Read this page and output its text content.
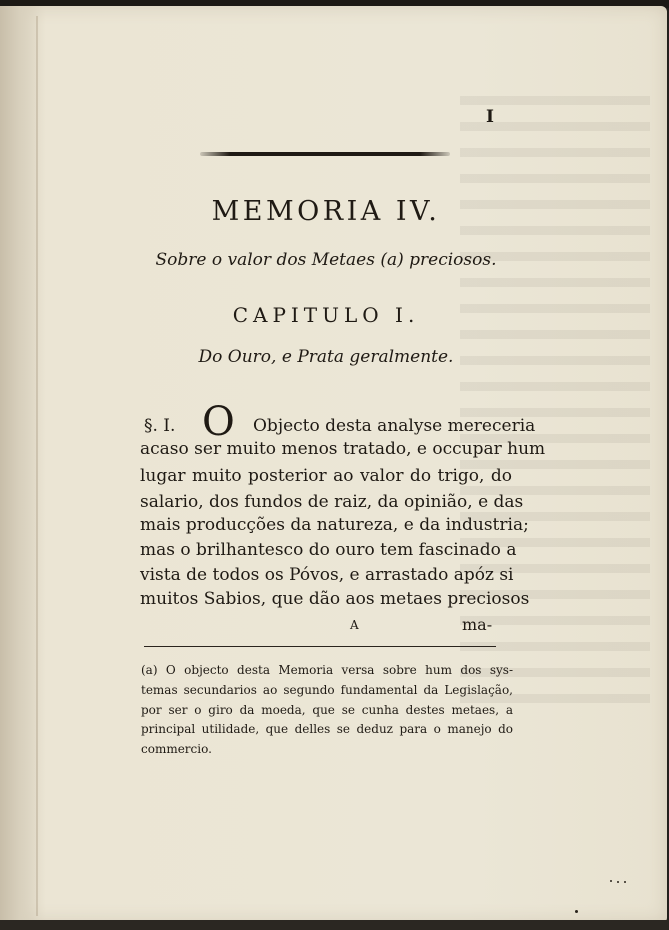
I
MEMORIA IV.
Sobre o valor dos Metaes (a) preciosos.
CAPITULO I.
Do Ouro, e Prata geralmente.
§. I. O Objecto desta analyse mereceria
acaso ser muito menos tratado, e occupar hum
lugar muito posterior ao valor do trigo, do
salario, dos fundos de raiz, da opinião, e das
mais producções da natureza, e da industria;
mas o brilhantesco do ouro tem fascinado a
vista de todos os Póvos, e arrastado apóz si
muitos Sabios, que dão aos metaes preciosos
A	ma-
(a) O objecto desta Memoria versa sobre hum dos sys-
temas secundarios ao segundo fundamental da Legislação,
por ser o giro da moeda, que se cunha destes metaes, a
principal utilidade, que delles se deduz para o manejo do
commercio.
